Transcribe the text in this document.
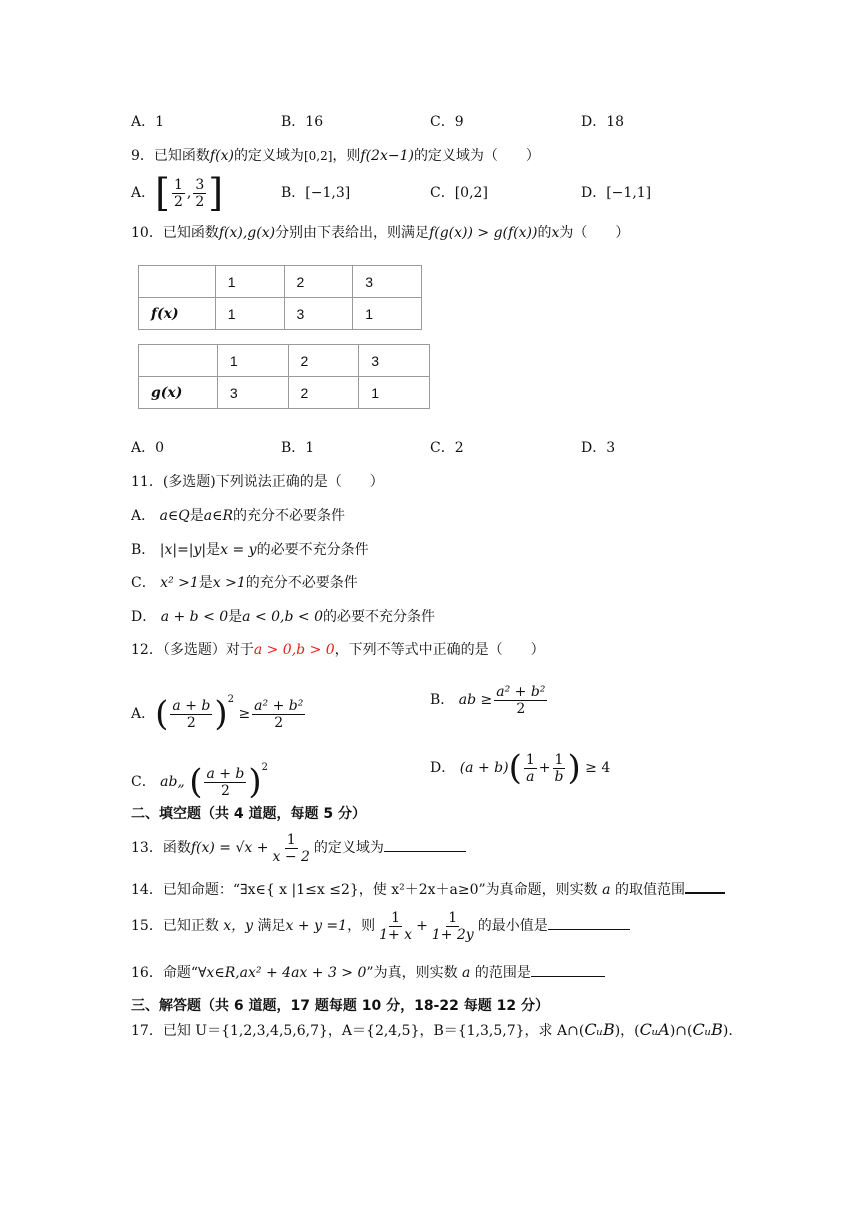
A．1	B．16	C．9	D．18
9．已知函数f(x)的定义域为[0,2]，则f(2x−1)的定义域为（　　）
A．[ $\frac{1}{2}$ , $\frac{3}{2}$ ]	B．[−1,3]	C．[0,2]	D．[−1,1]
10．已知函数f(x),g(x)分别由下表给出，则满足f(g(x)) > g(f(x))的x为（　　）
	1	2	3
f(x)	1	3	1
	1	2	3
g(x)	3	2	1
A．0	B．1	C．2	D．3
11．(多选题)下列说法正确的是（　　）
A． a∈Q是a∈R的充分不必要条件
B． |x|=|y|是x = y的必要不充分条件
C． x² >1是x >1的充分不必要条件
D． a + b < 0是a < 0,b < 0的必要不充分条件
12．（多选题）对于a > 0,b > 0，下列不等式中正确的是（　　）
A．( $\frac{a + b}{2} )^2 \ge \frac{\text{a² + b²}}{2}$	B． ab ≥ $\frac{\text{a² + b²}}{2}$
C． ab„ ( $\frac{a + b}{2} )^2$	D． $(a + b)( \frac{1}{a} + \frac{1}{b}$ ) ≥ 4
二、填空题（共 4 道题，每题 5 分）
13．函数$f(x) = √x + \frac{1}{x - 2}$ 的定义域为
14．已知命题：“∃x∈{ x |1≤x ≤2}，使 x²＋2x＋a≥0”为真命题，则实数 a 的取值范围
15．已知正数 x，y 满足x + y =1，则 $\frac{1}{1+ x} + \frac{1}{1+ 2y}$ 的最小值是
16．命题“∀x∈R,ax² + 4ax + 3 > 0”为真，则实数 a 的范围是
三、解答题（共 6 道题，17 题每题 10 分，18-22 每题 12 分）
17．已知 U＝{1,2,3,4,5,6,7}，A＝{2,4,5}，B＝{1,3,5,7}，求 A∩(CᵤB)，(CᵤA)∩(CᵤB).
